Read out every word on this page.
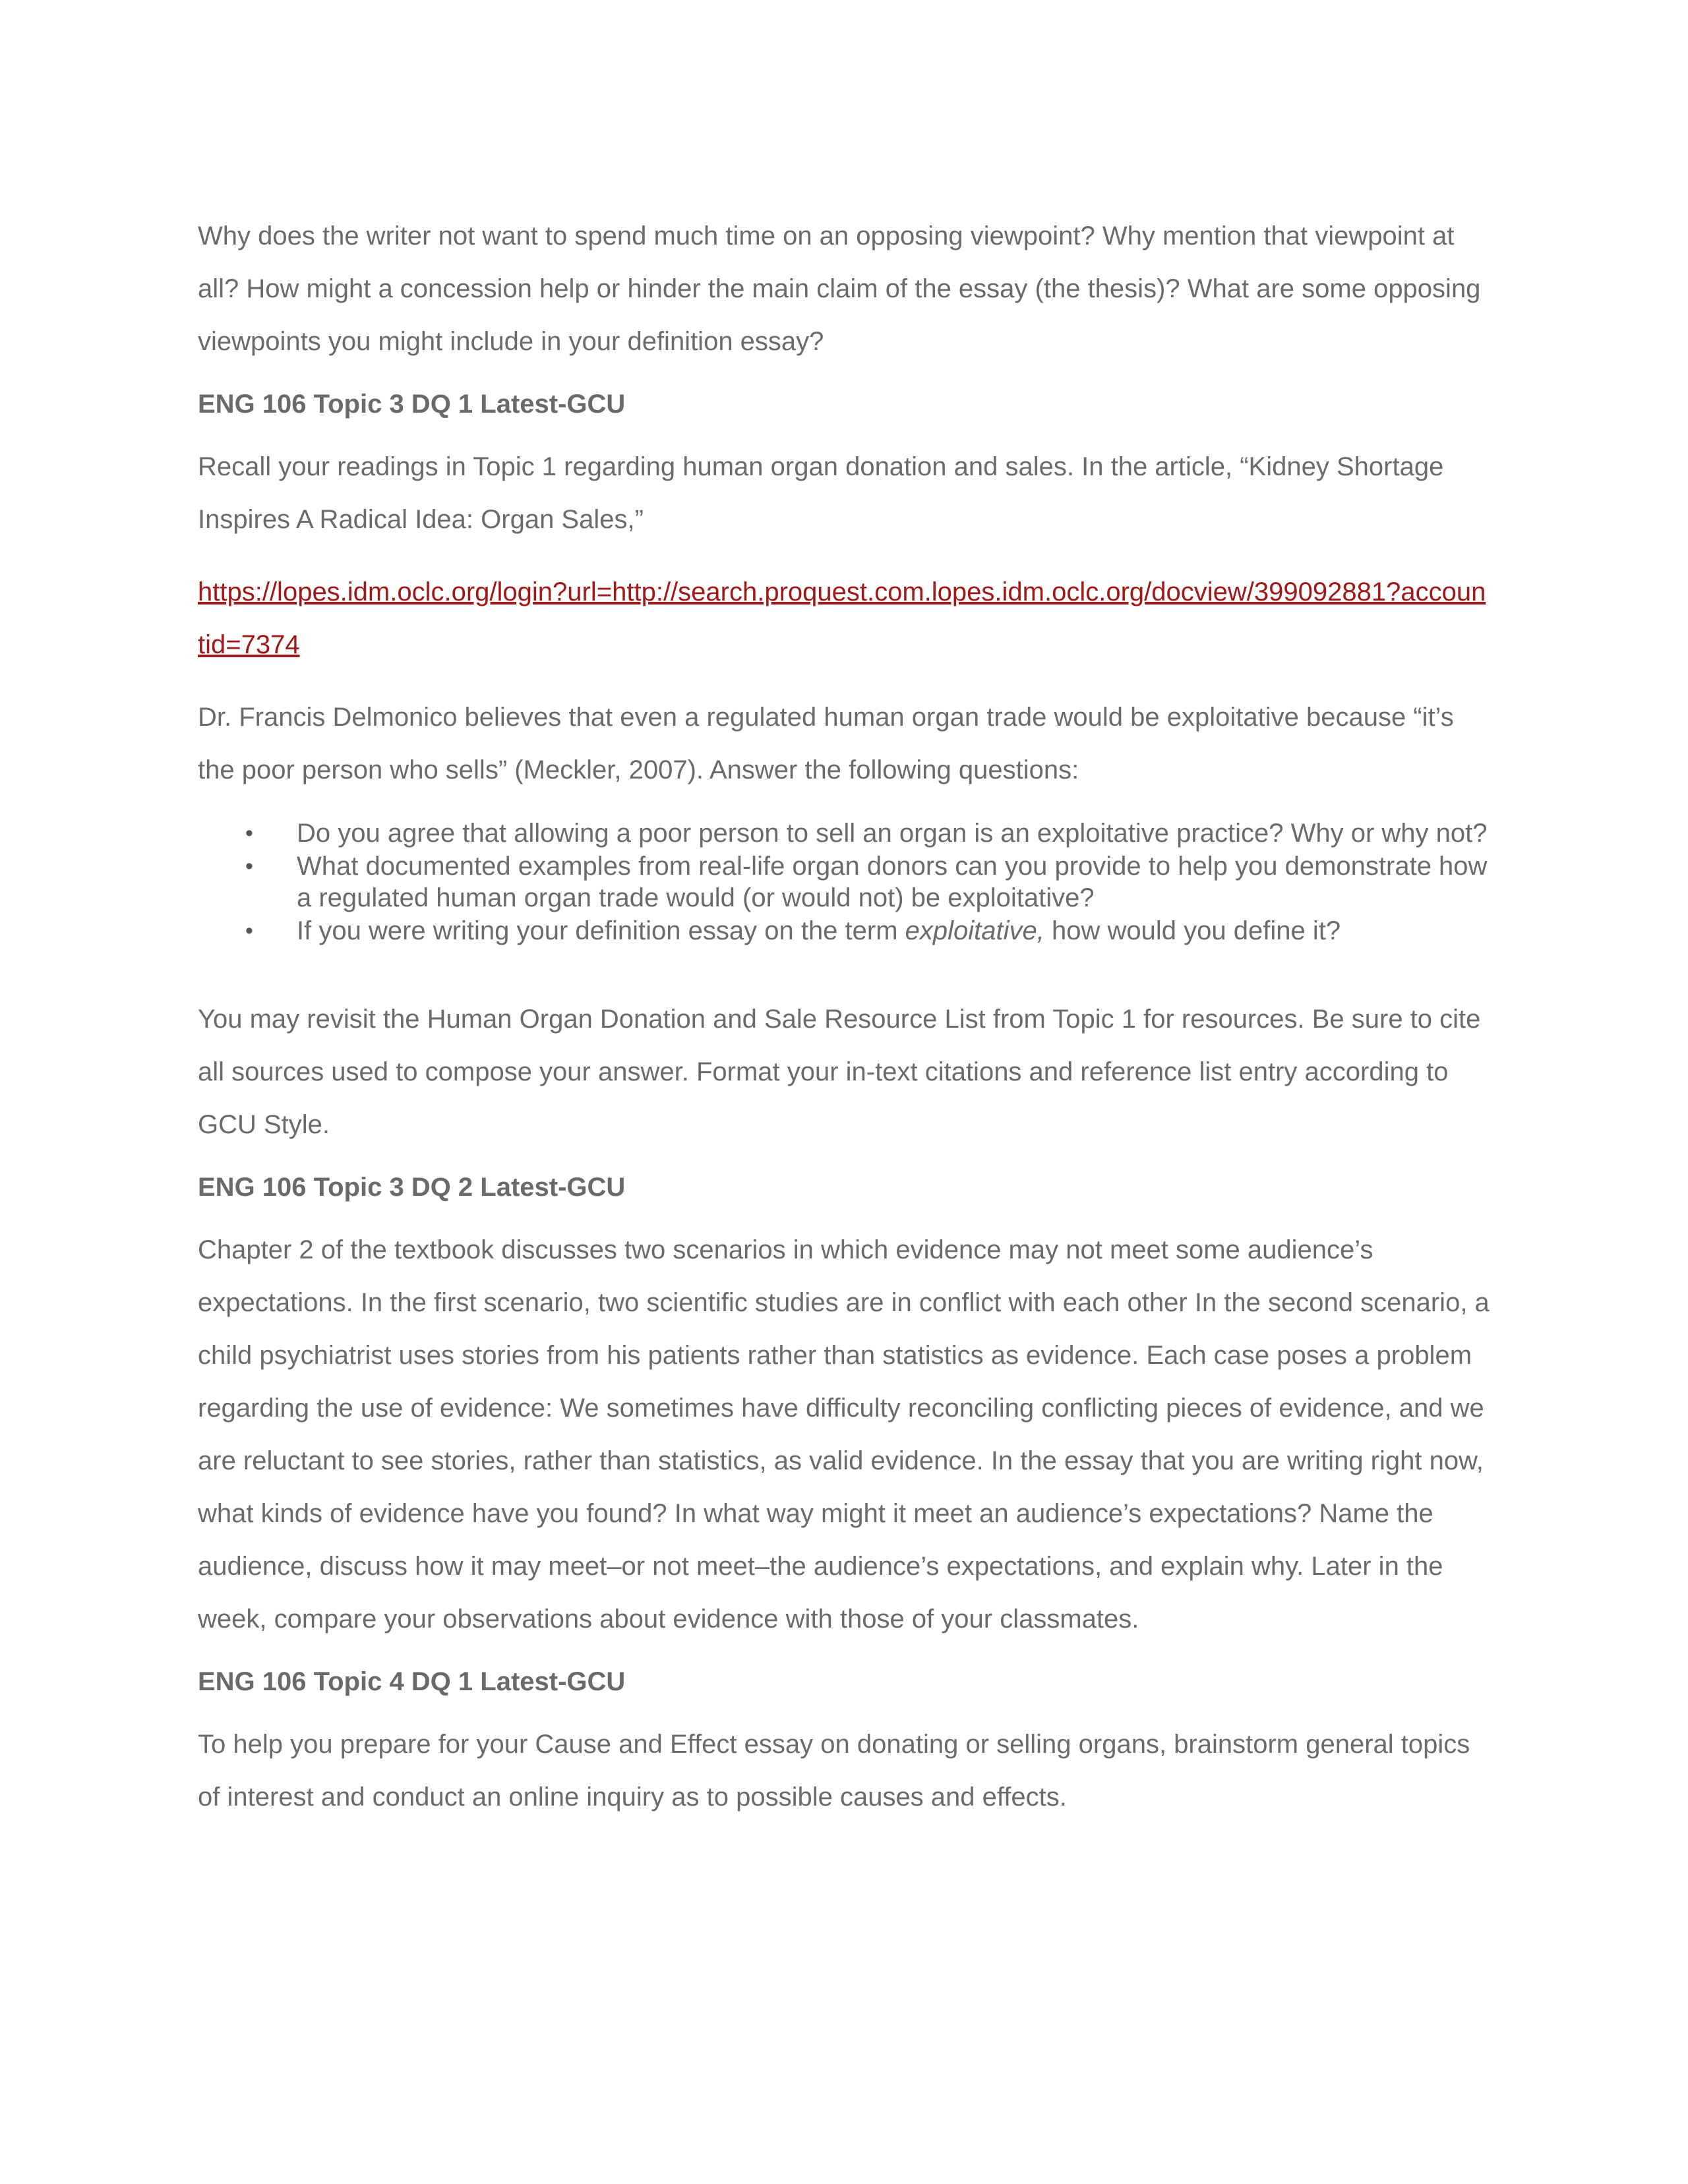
Why does the writer not want to spend much time on an opposing viewpoint? Why mention that viewpoint at all? How might a concession help or hinder the main claim of the essay (the thesis)? What are some opposing viewpoints you might include in your definition essay?

ENG 106 Topic 3 DQ 1 Latest-GCU

Recall your readings in Topic 1 regarding human organ donation and sales. In the article, “Kidney Shortage Inspires A Radical Idea: Organ Sales,”

https://lopes.idm.oclc.org/login?url=http://search.proquest.com.lopes.idm.oclc.org/docview/399092881?accountid=7374

Dr. Francis Delmonico believes that even a regulated human organ trade would be exploitative because “it’s the poor person who sells” (Meckler, 2007). Answer the following questions:

• Do you agree that allowing a poor person to sell an organ is an exploitative practice? Why or why not?
• What documented examples from real-life organ donors can you provide to help you demonstrate how a regulated human organ trade would (or would not) be exploitative?
• If you were writing your definition essay on the term exploitative, how would you define it?

You may revisit the Human Organ Donation and Sale Resource List from Topic 1 for resources. Be sure to cite all sources used to compose your answer. Format your in-text citations and reference list entry according to GCU Style.

ENG 106 Topic 3 DQ 2 Latest-GCU

Chapter 2 of the textbook discusses two scenarios in which evidence may not meet some audience’s expectations. In the first scenario, two scientific studies are in conflict with each other In the second scenario, a child psychiatrist uses stories from his patients rather than statistics as evidence. Each case poses a problem regarding the use of evidence: We sometimes have difficulty reconciling conflicting pieces of evidence, and we are reluctant to see stories, rather than statistics, as valid evidence. In the essay that you are writing right now, what kinds of evidence have you found? In what way might it meet an audience’s expectations? Name the audience, discuss how it may meet–or not meet–the audience’s expectations, and explain why. Later in the week, compare your observations about evidence with those of your classmates.

ENG 106 Topic 4 DQ 1 Latest-GCU

To help you prepare for your Cause and Effect essay on donating or selling organs, brainstorm general topics of interest and conduct an online inquiry as to possible causes and effects.
